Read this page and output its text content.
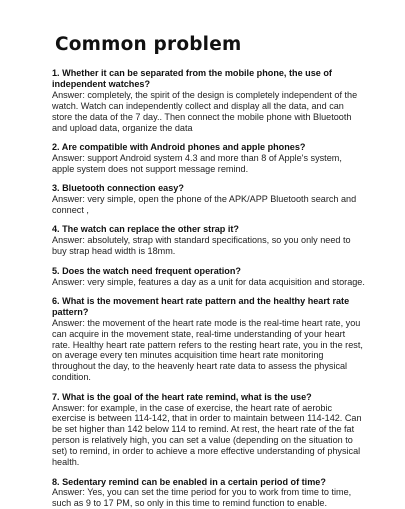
Common problem

1. Whether it can be separated from the mobile phone, the use of independent watches?

Answer: completely, the spirit of the design is completely independent of the watch. Watch can independently collect and display all the data, and can store the data of the 7 day.. Then connect the mobile phone with Bluetooth and upload data, organize the data

2. Are compatible with Android phones and apple phones?

Answer: support Android system 4.3 and more than 8 of Apple's system, apple system does not support message remind.

3. Bluetooth connection easy?

Answer: very simple, open the phone of the APK/APP Bluetooth search and connect ,

4. The watch can replace the other strap it?

Answer: absolutely, strap with standard specifications, so you only need to buy strap head width is 18mm.

5. Does the watch need frequent operation?

Answer: very simple, features a day as a unit for data acquisition and storage.

6. What is the movement heart rate pattern and the healthy heart rate pattern?

Answer: the movement of the heart rate mode is the real-time heart rate, you can acquire in the movement state, real-time understanding of your heart rate. Healthy heart rate pattern refers to the resting heart rate, you in the rest, on average every ten minutes acquisition time heart rate monitoring throughout the day, to the heavenly heart rate data to assess the physical condition.

7. What is the goal of the heart rate remind, what is the use?

Answer: for example, in the case of exercise, the heart rate of aerobic exercise is between 114-142, that in order to maintain between 114-142. Can be set higher than 142 below 114 to remind. At rest, the heart rate of the fat person is relatively high, you can set a value (depending on the situation to set) to remind, in order to achieve a more effective understanding of physical health.

8. Sedentary remind can be enabled in a certain period of time?

Answer: Yes, you can set the time period for you to work from time to time, such as 9 to 17 PM, so only in this time to remind function to enable.
